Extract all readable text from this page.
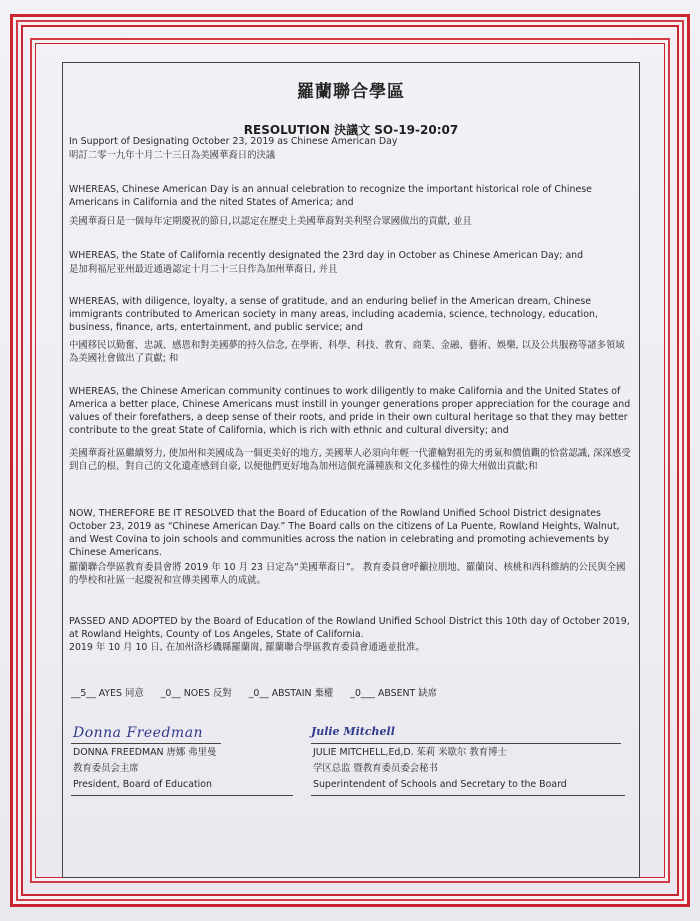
羅蘭聯合學區
RESOLUTION 決議文 SO-19-20:07

In Support of Designating October 23, 2019 as Chinese American Day

明訂二零一九年十月二十三日為美國華裔日的決議

WHEREAS, Chinese American Day is an annual celebration to recognize the important historical role of Chinese Americans in California and the nited States of America; and

美國華裔日是一個每年定期慶祝的節日,以認定在歷史上美國華裔對美利堅合眾國做出的貢獻, 並且

WHEREAS, the State of California recently designated the 23rd day in October as Chinese American Day; and

是加利福尼亚州最近通過認定十月二十三日作為加州華裔日, 并且

WHEREAS, with diligence, loyalty, a sense of gratitude, and an enduring belief in the American dream, Chinese immigrants contributed to American society in many areas, including academia, science, technology, education, business, finance, arts, entertainment, and public service; and

中國移民以勤奮、忠誠、感恩和對美國夢的持久信念, 在學術、科學、科技、教育、商業、金融、藝術、娛樂, 以及公共服務等諸多領域為美國社會做出了貢獻; 和

WHEREAS, the Chinese American community continues to work diligently to make California and the United States of America a better place, Chinese Americans must instill in younger generations proper appreciation for the courage and values of their forefathers, a deep sense of their roots, and pride in their own cultural heritage so that they may better contribute to the great State of California, which is rich with ethnic and cultural diversity; and

美國華裔社區繼續努力, 使加州和美國成為一個更美好的地方, 美國華人必須向年輕一代灌輸對祖先的勇氣和價值觀的恰當認識, 深深感受到自己的根、對自己的文化遺產感到自豪, 以便他們更好地為加州這個充滿種族和文化多樣性的偉大州做出貢獻;和

NOW, THEREFORE BE IT RESOLVED that the Board of Education of the Rowland Unified School District designates October 23, 2019 as “Chinese American Day.” The Board calls on the citizens of La Puente, Rowland Heights, Walnut, and West Covina to join schools and communities across the nation in celebrating and promoting achievements by Chinese Americans.

羅蘭聯合學區教育委員會將 2019 年 10 月 23 日定為“美國華裔日”。 教育委員會呼籲拉朋地、羅蘭岗、核桃和西科維納的公民與全國的學校和社區一起慶祝和宣傳美國華人的成就。

PASSED AND ADOPTED by the Board of Education of the Rowland Unified School District this 10th day of October 2019, at Rowland Heights, County of Los Angeles, State of California.

2019 年 10 月 10 日, 在加州洛杉磯縣羅蘭崗, 羅蘭聯合學區教育委員會通過並批准。

__5__ AYES 同意 _0__ NOES 反對 _0__ ABSTAIN 棄權 _0___ ABSENT 缺席
Donna Freedman
DONNA FREEDMAN 唐娜 弗里曼
教育委员会主席
President, Board of Education
Julie Mitchell
JULIE MITCHELL,Ed,D. 茱莉 米歇尔 教育博士
学区总监 暨教育委员委会秘书
Superintendent of Schools and Secretary to the Board
